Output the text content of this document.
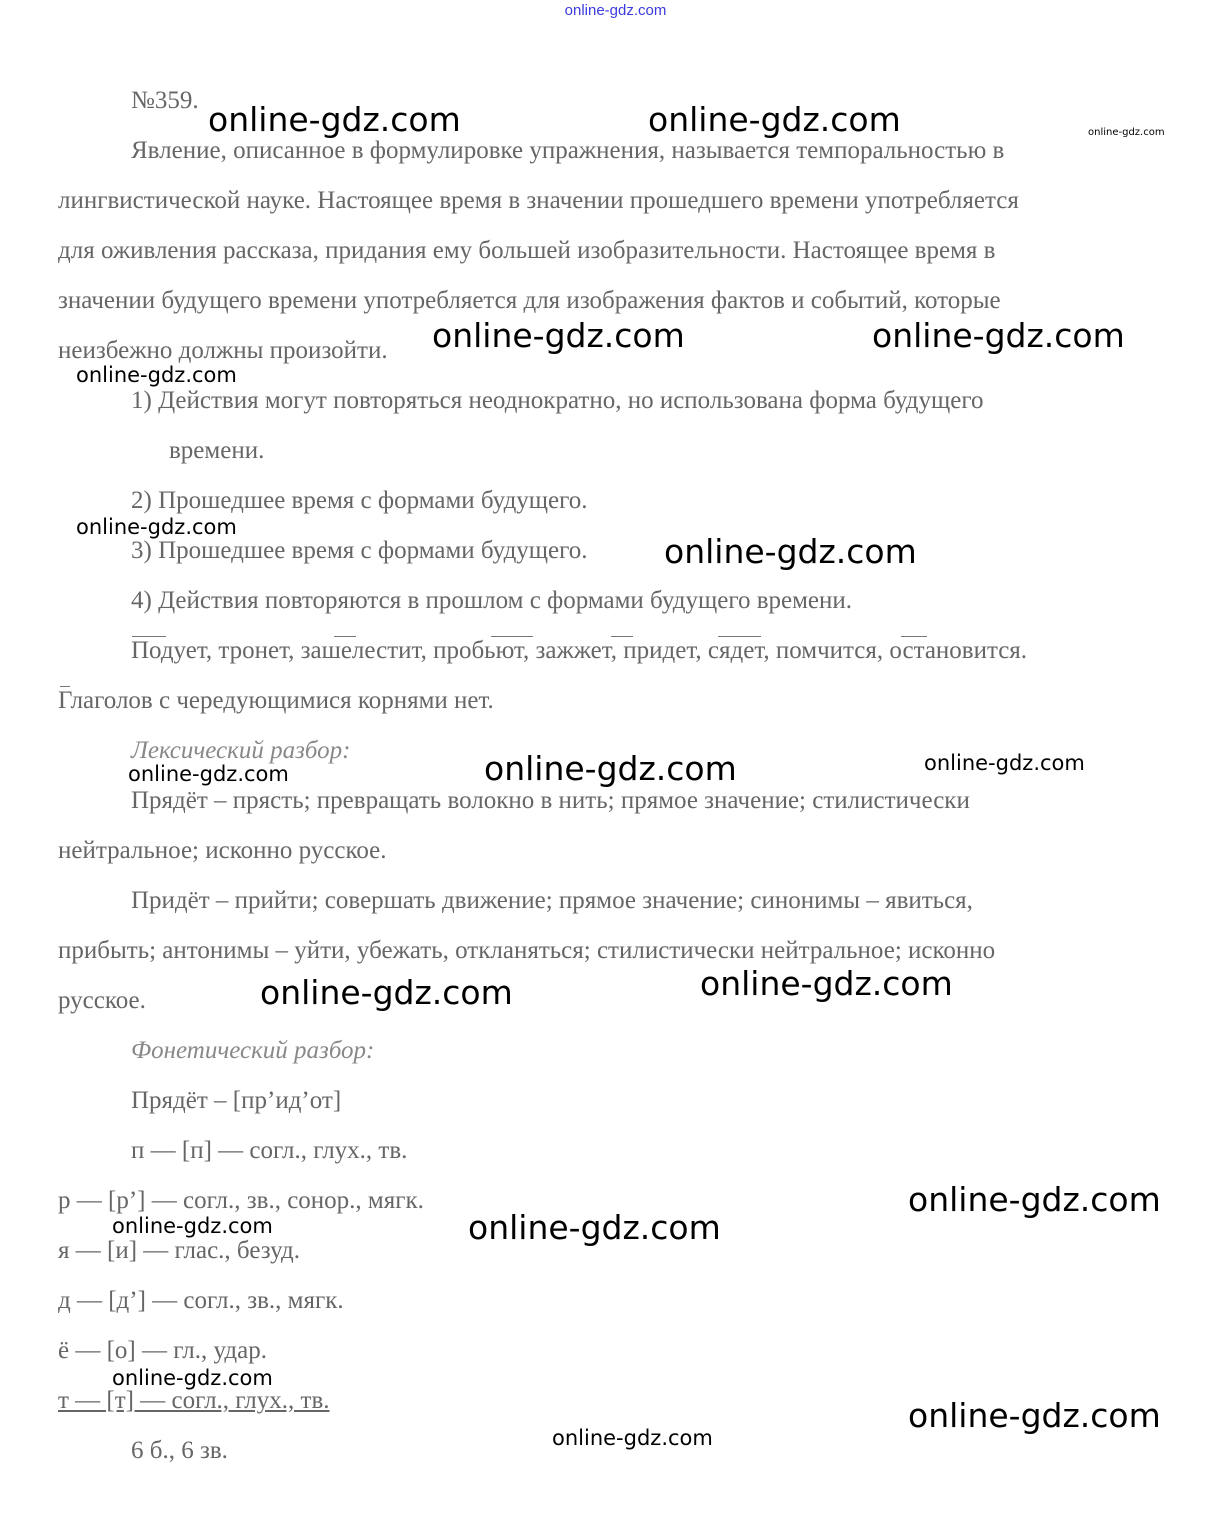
online-gdz.com
№359.
Явление, описанное в формулировке упражнения, называется темпоральностью в
лингвистической науке. Настоящее время в значении прошедшего времени употребляется
для оживления рассказа, придания ему большей изобразительности. Настоящее время в
значении будущего времени употребляется для изображения фактов и событий, которые
неизбежно должны произойти.
1) Действия могут повторяться неоднократно, но использована форма будущего
времени.
2) Прошедшее время с формами будущего.
3) Прошедшее время с формами будущего.
4) Действия повторяются в прошлом с формами будущего времени.
Подует, тронет, зашелестит, пробьют, зажжет, придет, сядет, помчится, остановится.
Глаголов с чередующимися корнями нет.
Лексический разбор:
Прядёт – прясть; превращать волокно в нить; прямое значение; стилистически
нейтральное; исконно русское.
Придёт – прийти; совершать движение; прямое значение; синонимы – явиться,
прибыть; антонимы – уйти, убежать, откланяться; стилистически нейтральное; исконно
русское.
Фонетический разбор:
Прядёт – [пр’ид’от]
п — [п] — согл., глух., тв.
р — [р’] — согл., зв., сонор., мягк.
я — [и] — глас., безуд.
д — [д’] — согл., зв., мягк.
ё — [о] — гл., удар.
т — [т] — согл., глух., тв.
6 б., 6 зв.
online-gdz.com	online-gdz.com	online-gdz.com
online-gdz.com	online-gdz.com
online-gdz.com
online-gdz.com
online-gdz.com
online-gdz.com	online-gdz.com
online-gdz.com
online-gdz.com
online-gdz.com
online-gdz.com
online-gdz.com	online-gdz.com
online-gdz.com
online-gdz.com
online-gdz.com
